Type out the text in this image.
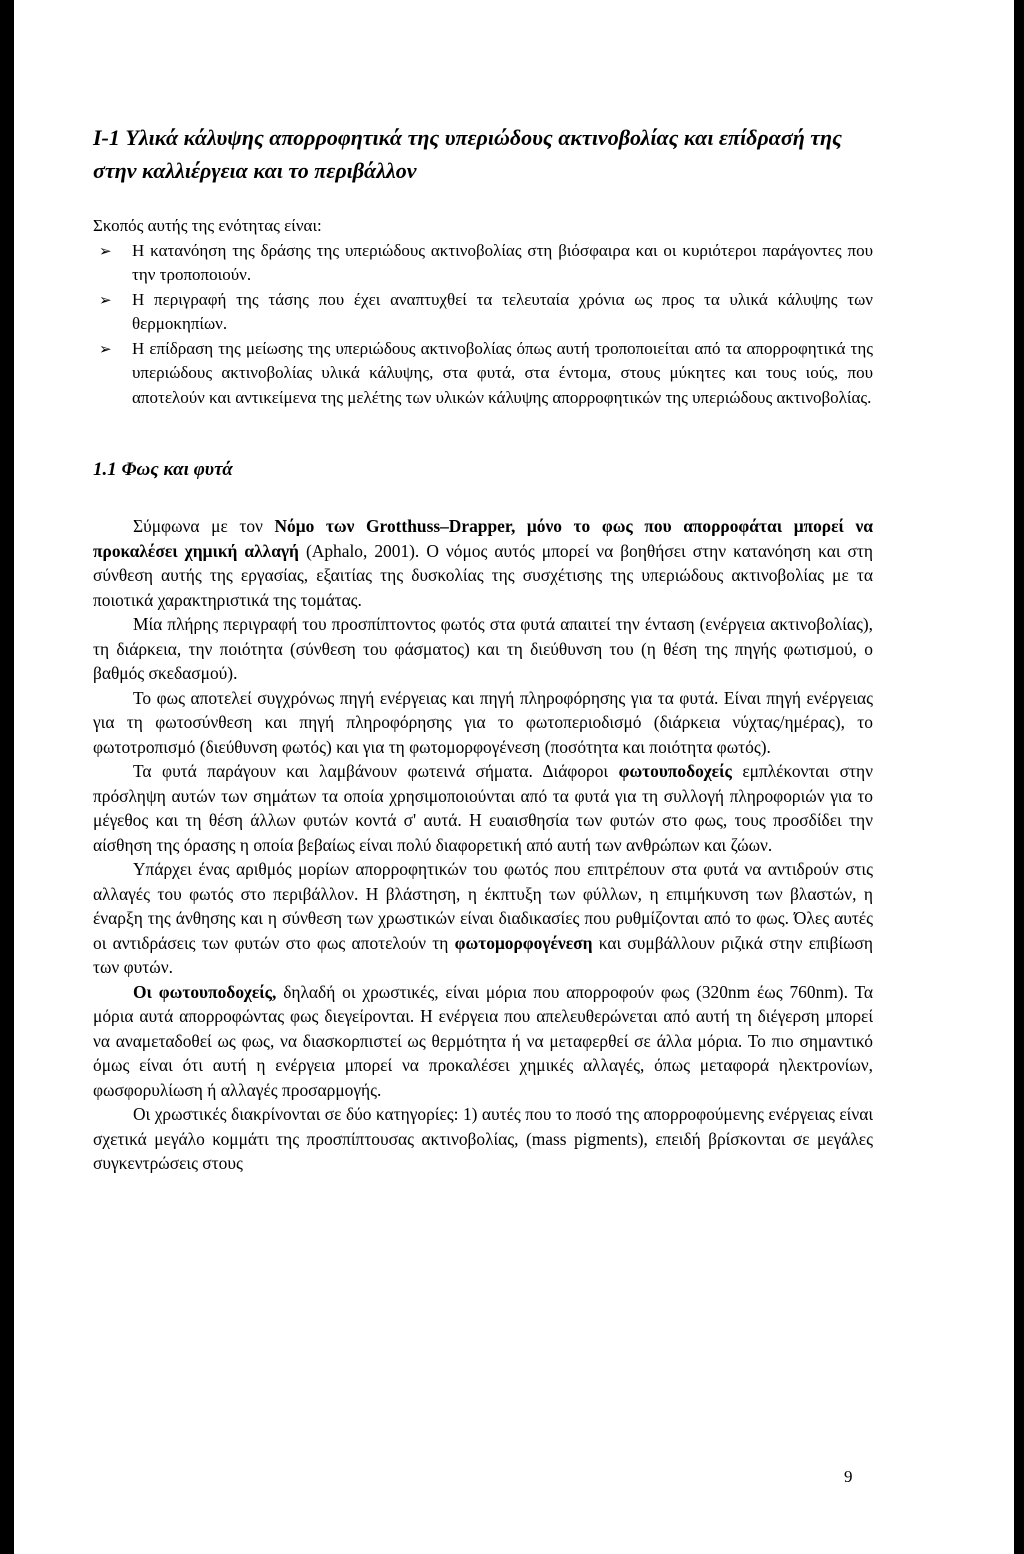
I-1 Υλικά κάλυψης απορροφητικά της υπεριώδους ακτινοβολίας και επίδρασή της στην καλλιέργεια και το περιβάλλον

Σκοπός αυτής της ενότητας είναι:

➢ Η κατανόηση της δράσης της υπεριώδους ακτινοβολίας στη βιόσφαιρα και οι κυριότεροι παράγοντες που την τροποποιούν.
➢ Η περιγραφή της τάσης που έχει αναπτυχθεί τα τελευταία χρόνια ως προς τα υλικά κάλυψης των θερμοκηπίων.
➢ Η επίδραση της μείωσης της υπεριώδους ακτινοβολίας όπως αυτή τροποποιείται από τα απορροφητικά της υπεριώδους ακτινοβολίας υλικά κάλυψης, στα φυτά, στα έντομα, στους μύκητες και τους ιούς, που αποτελούν και αντικείμενα της μελέτης των υλικών κάλυψης απορροφητικών της υπεριώδους ακτινοβολίας.
1.1 Φως και φυτά

Σύμφωνα με τον Νόμο των Grotthuss–Drapper, μόνο το φως που απορροφάται μπορεί να προκαλέσει χημική αλλαγή (Aphalo, 2001). Ο νόμος αυτός μπορεί να βοηθήσει στην κατανόηση και στη σύνθεση αυτής της εργασίας, εξαιτίας της δυσκολίας της συσχέτισης της υπεριώδους ακτινοβολίας με τα ποιοτικά χαρακτηριστικά της τομάτας.

Μία πλήρης περιγραφή του προσπίπτοντος φωτός στα φυτά απαιτεί την ένταση (ενέργεια ακτινοβολίας), τη διάρκεια, την ποιότητα (σύνθεση του φάσματος) και τη διεύθυνση του (η θέση της πηγής φωτισμού, ο βαθμός σκεδασμού).

Το φως αποτελεί συγχρόνως πηγή ενέργειας και πηγή πληροφόρησης για τα φυτά. Είναι πηγή ενέργειας για τη φωτοσύνθεση και πηγή πληροφόρησης για το φωτοπεριοδισμό (διάρκεια νύχτας/ημέρας), το φωτοτροπισμό (διεύθυνση φωτός) και για τη φωτομορφογένεση (ποσότητα και ποιότητα φωτός).

Τα φυτά παράγουν και λαμβάνουν φωτεινά σήματα. Διάφοροι φωτουποδοχείς εμπλέκονται στην πρόσληψη αυτών των σημάτων τα οποία χρησιμοποιούνται από τα φυτά για τη συλλογή πληροφοριών για το μέγεθος και τη θέση άλλων φυτών κοντά σ' αυτά. Η ευαισθησία των φυτών στο φως, τους προσδίδει την αίσθηση της όρασης η οποία βεβαίως είναι πολύ διαφορετική από αυτή των ανθρώπων και ζώων.

Υπάρχει ένας αριθμός μορίων απορροφητικών του φωτός που επιτρέπουν στα φυτά να αντιδρούν στις αλλαγές του φωτός στο περιβάλλον. Η βλάστηση, η έκπτυξη των φύλλων, η επιμήκυνση των βλαστών, η έναρξη της άνθησης και η σύνθεση των χρωστικών είναι διαδικασίες που ρυθμίζονται από το φως. Όλες αυτές οι αντιδράσεις των φυτών στο φως αποτελούν τη φωτομορφογένεση και συμβάλλουν ριζικά στην επιβίωση των φυτών.

Οι φωτουποδοχείς, δηλαδή οι χρωστικές, είναι μόρια που απορροφούν φως (320nm έως 760nm). Τα μόρια αυτά απορροφώντας φως διεγείρονται. Η ενέργεια που απελευθερώνεται από αυτή τη διέγερση μπορεί να αναμεταδοθεί ως φως, να διασκορπιστεί ως θερμότητα ή να μεταφερθεί σε άλλα μόρια. Το πιο σημαντικό όμως είναι ότι αυτή η ενέργεια μπορεί να προκαλέσει χημικές αλλαγές, όπως μεταφορά ηλεκτρονίων, φωσφορυλίωση ή αλλαγές προσαρμογής.

Οι χρωστικές διακρίνονται σε δύο κατηγορίες: 1) αυτές που το ποσό της απορροφούμενης ενέργειας είναι σχετικά μεγάλο κομμάτι της προσπίπτουσας ακτινοβολίας, (mass pigments), επειδή βρίσκονται σε μεγάλες συγκεντρώσεις στους

9
